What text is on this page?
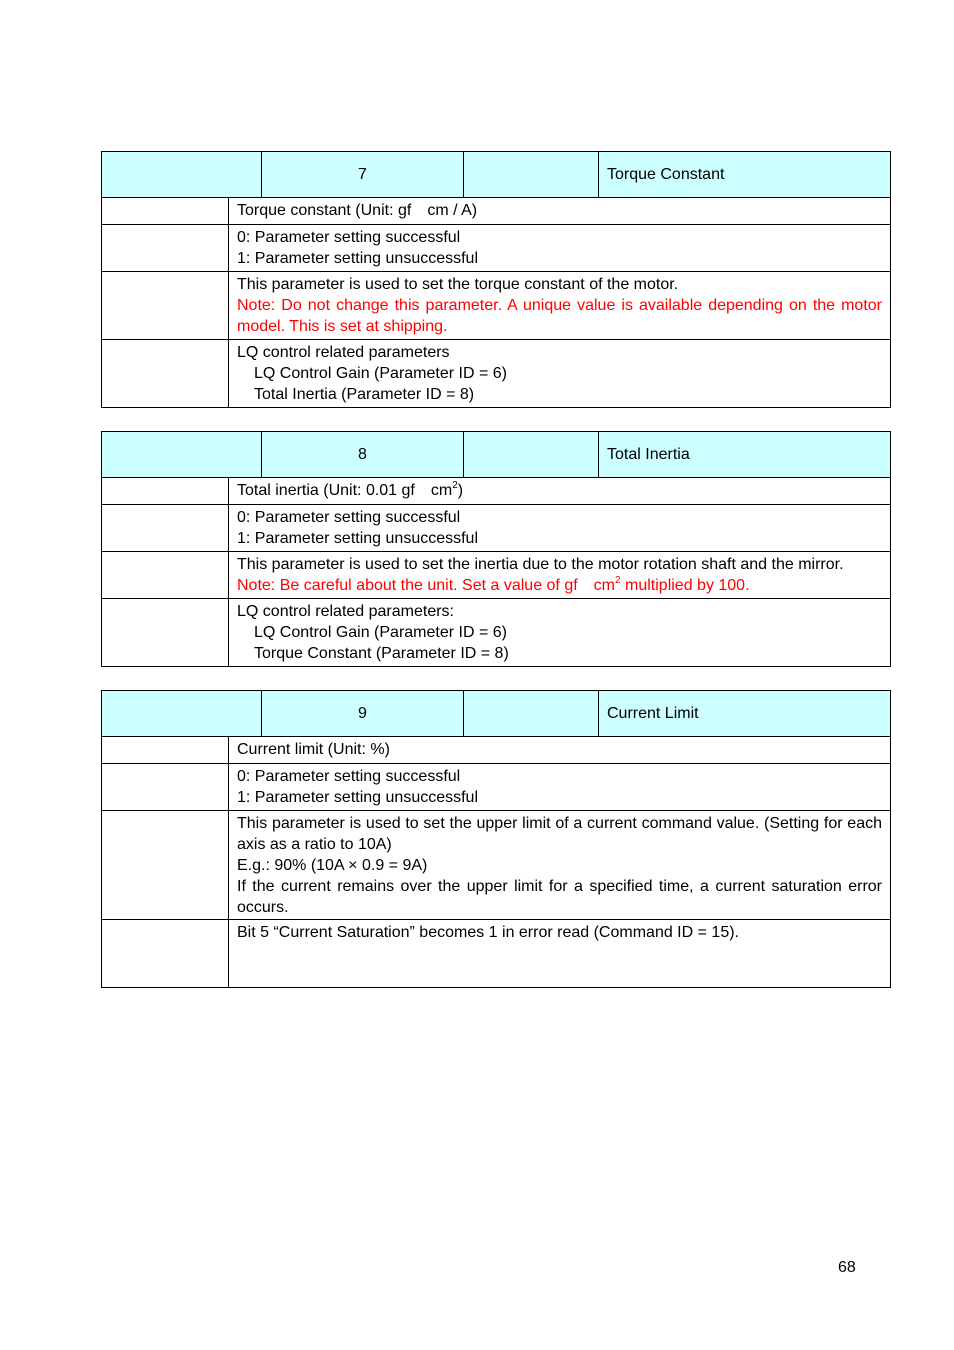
	7		Torque Constant
	Torque constant (Unit: gf　cm / A)

	0: Parameter setting successful
1: Parameter setting unsuccessful

	This parameter is used to set the torque constant of the motor.
Note: Do not change this parameter. A unique value is available depending on the motor model. This is set at shipping.

	LQ control related parameters
LQ Control Gain (Parameter ID = 6)
Total Inertia (Parameter ID = 8)
	8		Total Inertia
	Total inertia (Unit: 0.01 gf　$cm^2$)

	0: Parameter setting successful
1: Parameter setting unsuccessful

	This parameter is used to set the inertia due to the motor rotation shaft and the mirror.
Note: Be careful about the unit. Set a value of gf　$cm^2$ multiplied by 100.

	LQ control related parameters:
LQ Control Gain (Parameter ID = 6)
Torque Constant (Parameter ID = 8)
	9		Current Limit
	Current limit (Unit: %)

	0: Parameter setting successful
1: Parameter setting unsuccessful

	This parameter is used to set the upper limit of a current command value. (Setting for each axis as a ratio to 10A)
E.g.: 90% (10A × 0.9 = 9A)
If the current remains over the upper limit for a specified time, a current saturation error occurs.

	Bit 5 “Current Saturation” becomes 1 in error read (Command ID = 15).
68
